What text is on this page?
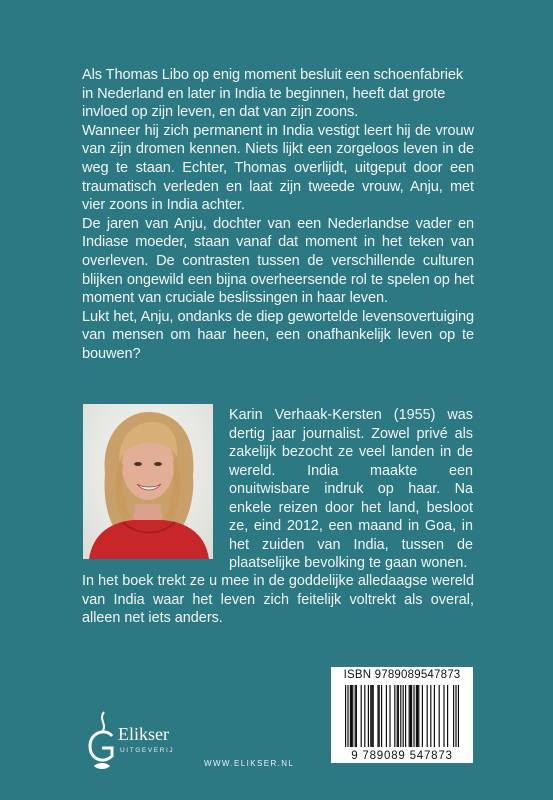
Als Thomas Libo op enig moment besluit een schoenfabriek in Nederland en later in India te beginnen, heeft dat grote invloed op zijn leven, en dat van zijn zoons.

Wanneer hij zich permanent in India vestigt leert hij de vrouw van zijn dromen kennen. Niets lijkt een zorgeloos leven in de weg te staan. Echter, Thomas overlijdt, uitgeput door een traumatisch verleden en laat zijn tweede vrouw, Anju, met vier zoons in India achter.

De jaren van Anju, dochter van een Nederlandse vader en Indiase moeder, staan vanaf dat moment in het teken van overleven. De contrasten tussen de verschillende culturen blijken ongewild een bijna overheersende rol te spelen op het moment van cruciale beslissingen in haar leven.

Lukt het, Anju, ondanks de diep gewortelde levensovertuiging van mensen om haar heen, een onafhankelijk leven op te bouwen?

Karin Verhaak-Kersten (1955) was dertig jaar journalist. Zowel privé als zakelijk bezocht ze veel landen in de wereld. India maakte een onuitwisbare indruk op haar. Na enkele reizen door het land, besloot ze, eind 2012, een maand in Goa, in het zuiden van India, tussen de plaatselijke bevolking te gaan wonen.

In het boek trekt ze u mee in de goddelijke alledaagse wereld van India waar het leven zich feitelijk voltrekt als overal, alleen net iets anders.

Elikser
UITGEVERIJ
WWW.ELIKSER.NL
ISBN 9789089547873
9 789089 547873
